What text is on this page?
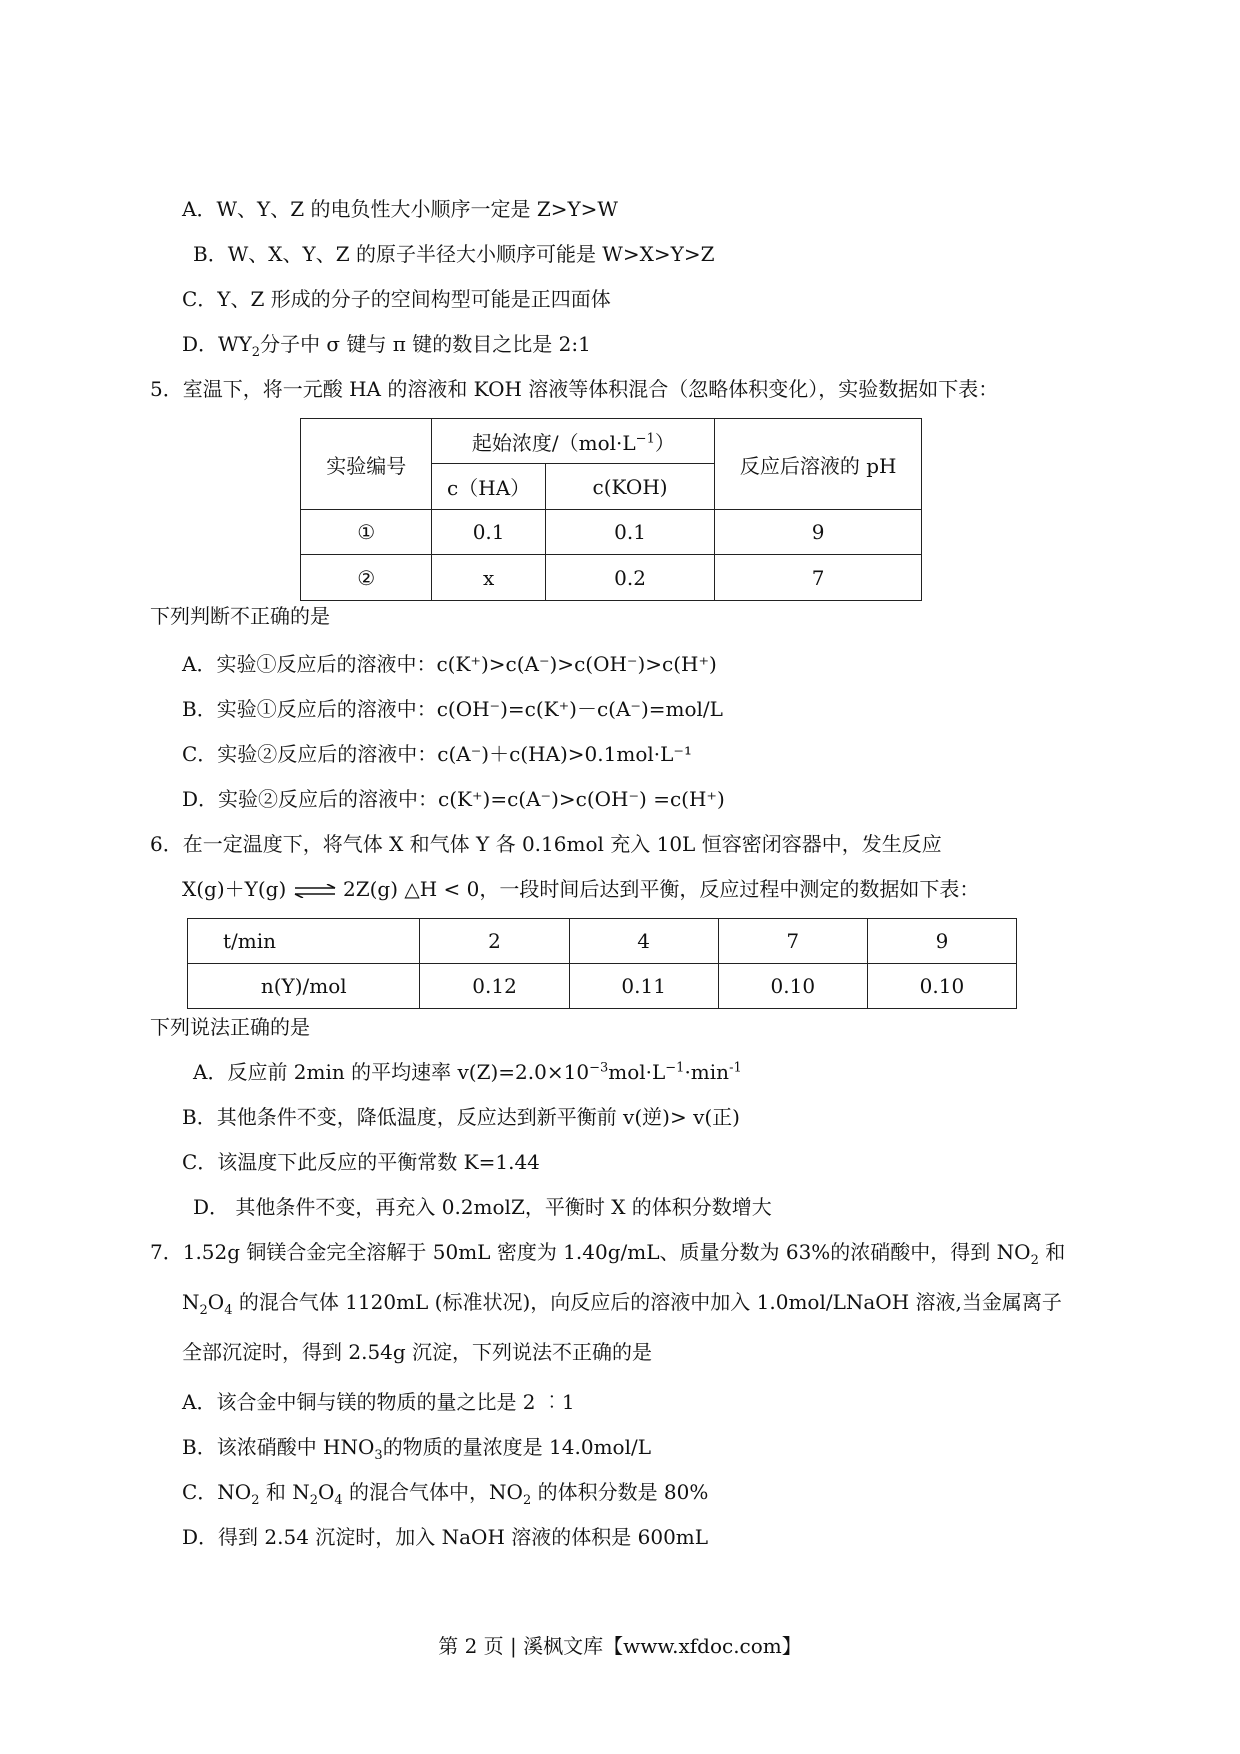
A．W、Y、Z 的电负性大小顺序一定是 Z>Y>W
B．W、X、Y、Z 的原子半径大小顺序可能是 W>X>Y>Z
C．Y、Z 形成的分子的空间构型可能是正四面体
D．$WY_2$分子中 σ 键与 π 键的数目之比是 2:1
5．室温下，将一元酸 HA 的溶液和 KOH 溶液等体积混合（忽略体积变化），实验数据如下表：
实验编号	起始浓度$/(mol\cdot L^{-1})$		反应后溶液的 pH
	c（HA）	c(KOH)	
①	0.1	0.1	9
②	x	0.2	7
下列判断不正确的是
A．实验①反应后的溶液中：c(K⁺)>c(A⁻)>c(OH⁻)>c(H⁺)
B．实验①反应后的溶液中：c(OH⁻)=c(K⁺)－c(A⁻)=mol/L
C．实验②反应后的溶液中：c(A⁻)＋c(HA)>0.1mol·L⁻¹
D．实验②反应后的溶液中：c(K⁺)=c(A⁻)>c(OH⁻) =c(H⁺)
6．在一定温度下，将气体 X 和气体 Y 各 0.16mol 充入 10L 恒容密闭容器中，发生反应
X(g)＋Y(g) ⇌ 2Z(g) △H < 0，一段时间后达到平衡，反应过程中测定的数据如下表：
t/min	2	4	7	9
n(Y)/mol	0.12	0.11	0.10	0.10
下列说法正确的是
A．反应前 2min 的平均速率 $v(Z)=2.0\times 10^{-3}mol\cdot L^{-1}\cdot\min^{-1}$
B．其他条件不变，降低温度，反应达到新平衡前 v(逆)> v(正)
C．该温度下此反应的平衡常数 K=1.44
D． 其他条件不变，再充入 0.2molZ，平衡时 X 的体积分数增大
7．1.52g 铜镁合金完全溶解于 50mL 密度为 1.40g/mL、质量分数为 63%的浓硝酸中，得到 $NO_2$ 和
$N_2O_4$ 的混合气体 1120mL (标准状况)，向反应后的溶液中加入 1.0mol/LNaOH 溶液,当金属离子
全部沉淀时，得到 2.54g 沉淀，下列说法不正确的是
A．该合金中铜与镁的物质的量之比是 2 ︰1
B．该浓硝酸中 $HNO_3$的物质的量浓度是 14.0mol/L
C．$NO_2$ 和 $N_2O_4$ 的混合气体中，$NO_2$ 的体积分数是 80%
D．得到 2.54 沉淀时，加入 NaOH 溶液的体积是 600mL
第 2 页 | 溪枫文库【www.xfdoc.com】
